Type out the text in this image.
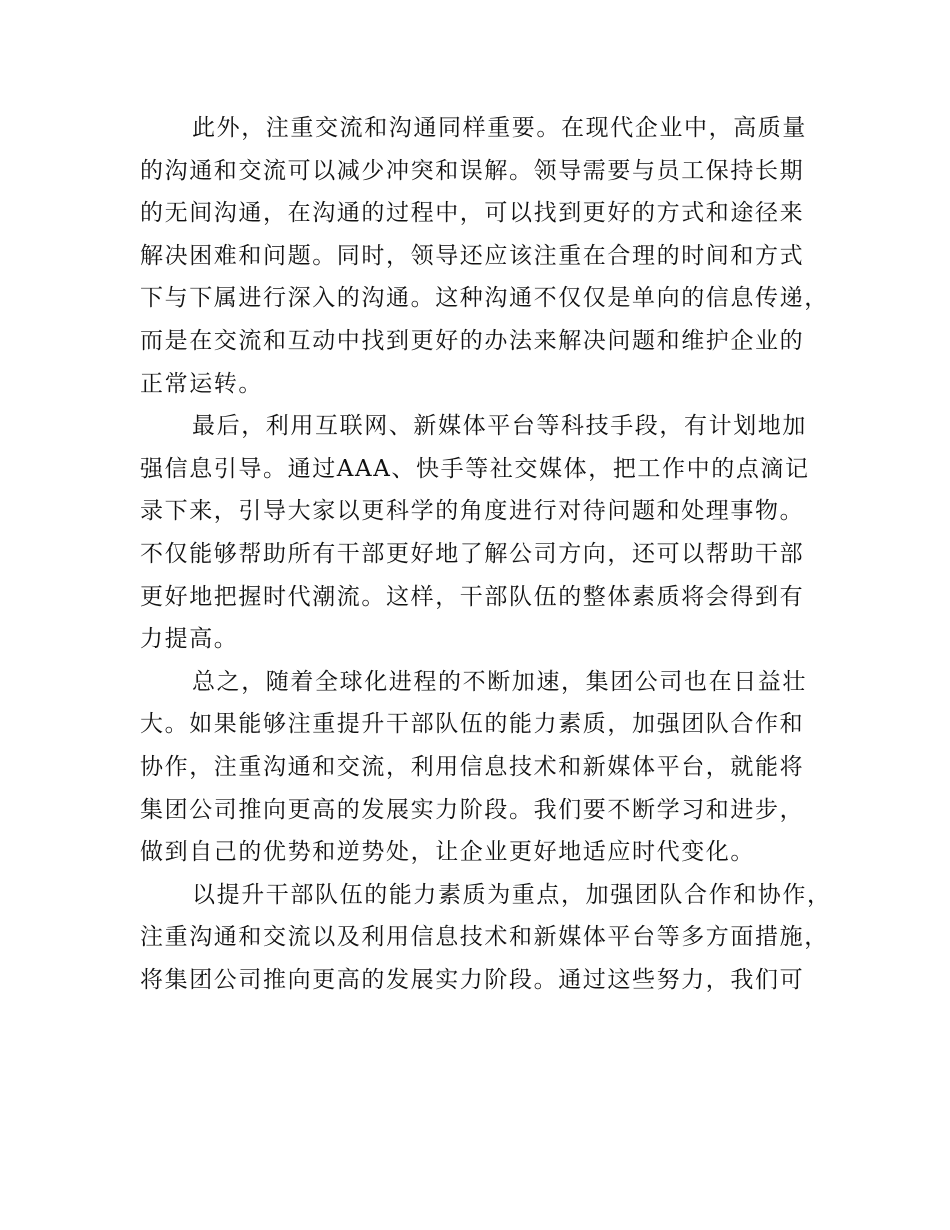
此外，注重交流和沟通同样重要。在现代企业中，高质量
的沟通和交流可以减少冲突和误解。领导需要与员工保持长期
的无间沟通，在沟通的过程中，可以找到更好的方式和途径来
解决困难和问题。同时，领导还应该注重在合理的时间和方式
下与下属进行深入的沟通。这种沟通不仅仅是单向的信息传递，
而是在交流和互动中找到更好的办法来解决问题和维护企业的
正常运转。
最后，利用互联网、新媒体平台等科技手段，有计划地加
强信息引导。通过AAA、快手等社交媒体，把工作中的点滴记
录下来，引导大家以更科学的角度进行对待问题和处理事物。
不仅能够帮助所有干部更好地了解公司方向，还可以帮助干部
更好地把握时代潮流。这样，干部队伍的整体素质将会得到有
力提高。
总之，随着全球化进程的不断加速，集团公司也在日益壮
大。如果能够注重提升干部队伍的能力素质，加强团队合作和
协作，注重沟通和交流，利用信息技术和新媒体平台，就能将
集团公司推向更高的发展实力阶段。我们要不断学习和进步，
做到自己的优势和逆势处，让企业更好地适应时代变化。
以提升干部队伍的能力素质为重点，加强团队合作和协作，
注重沟通和交流以及利用信息技术和新媒体平台等多方面措施，
将集团公司推向更高的发展实力阶段。通过这些努力，我们可
